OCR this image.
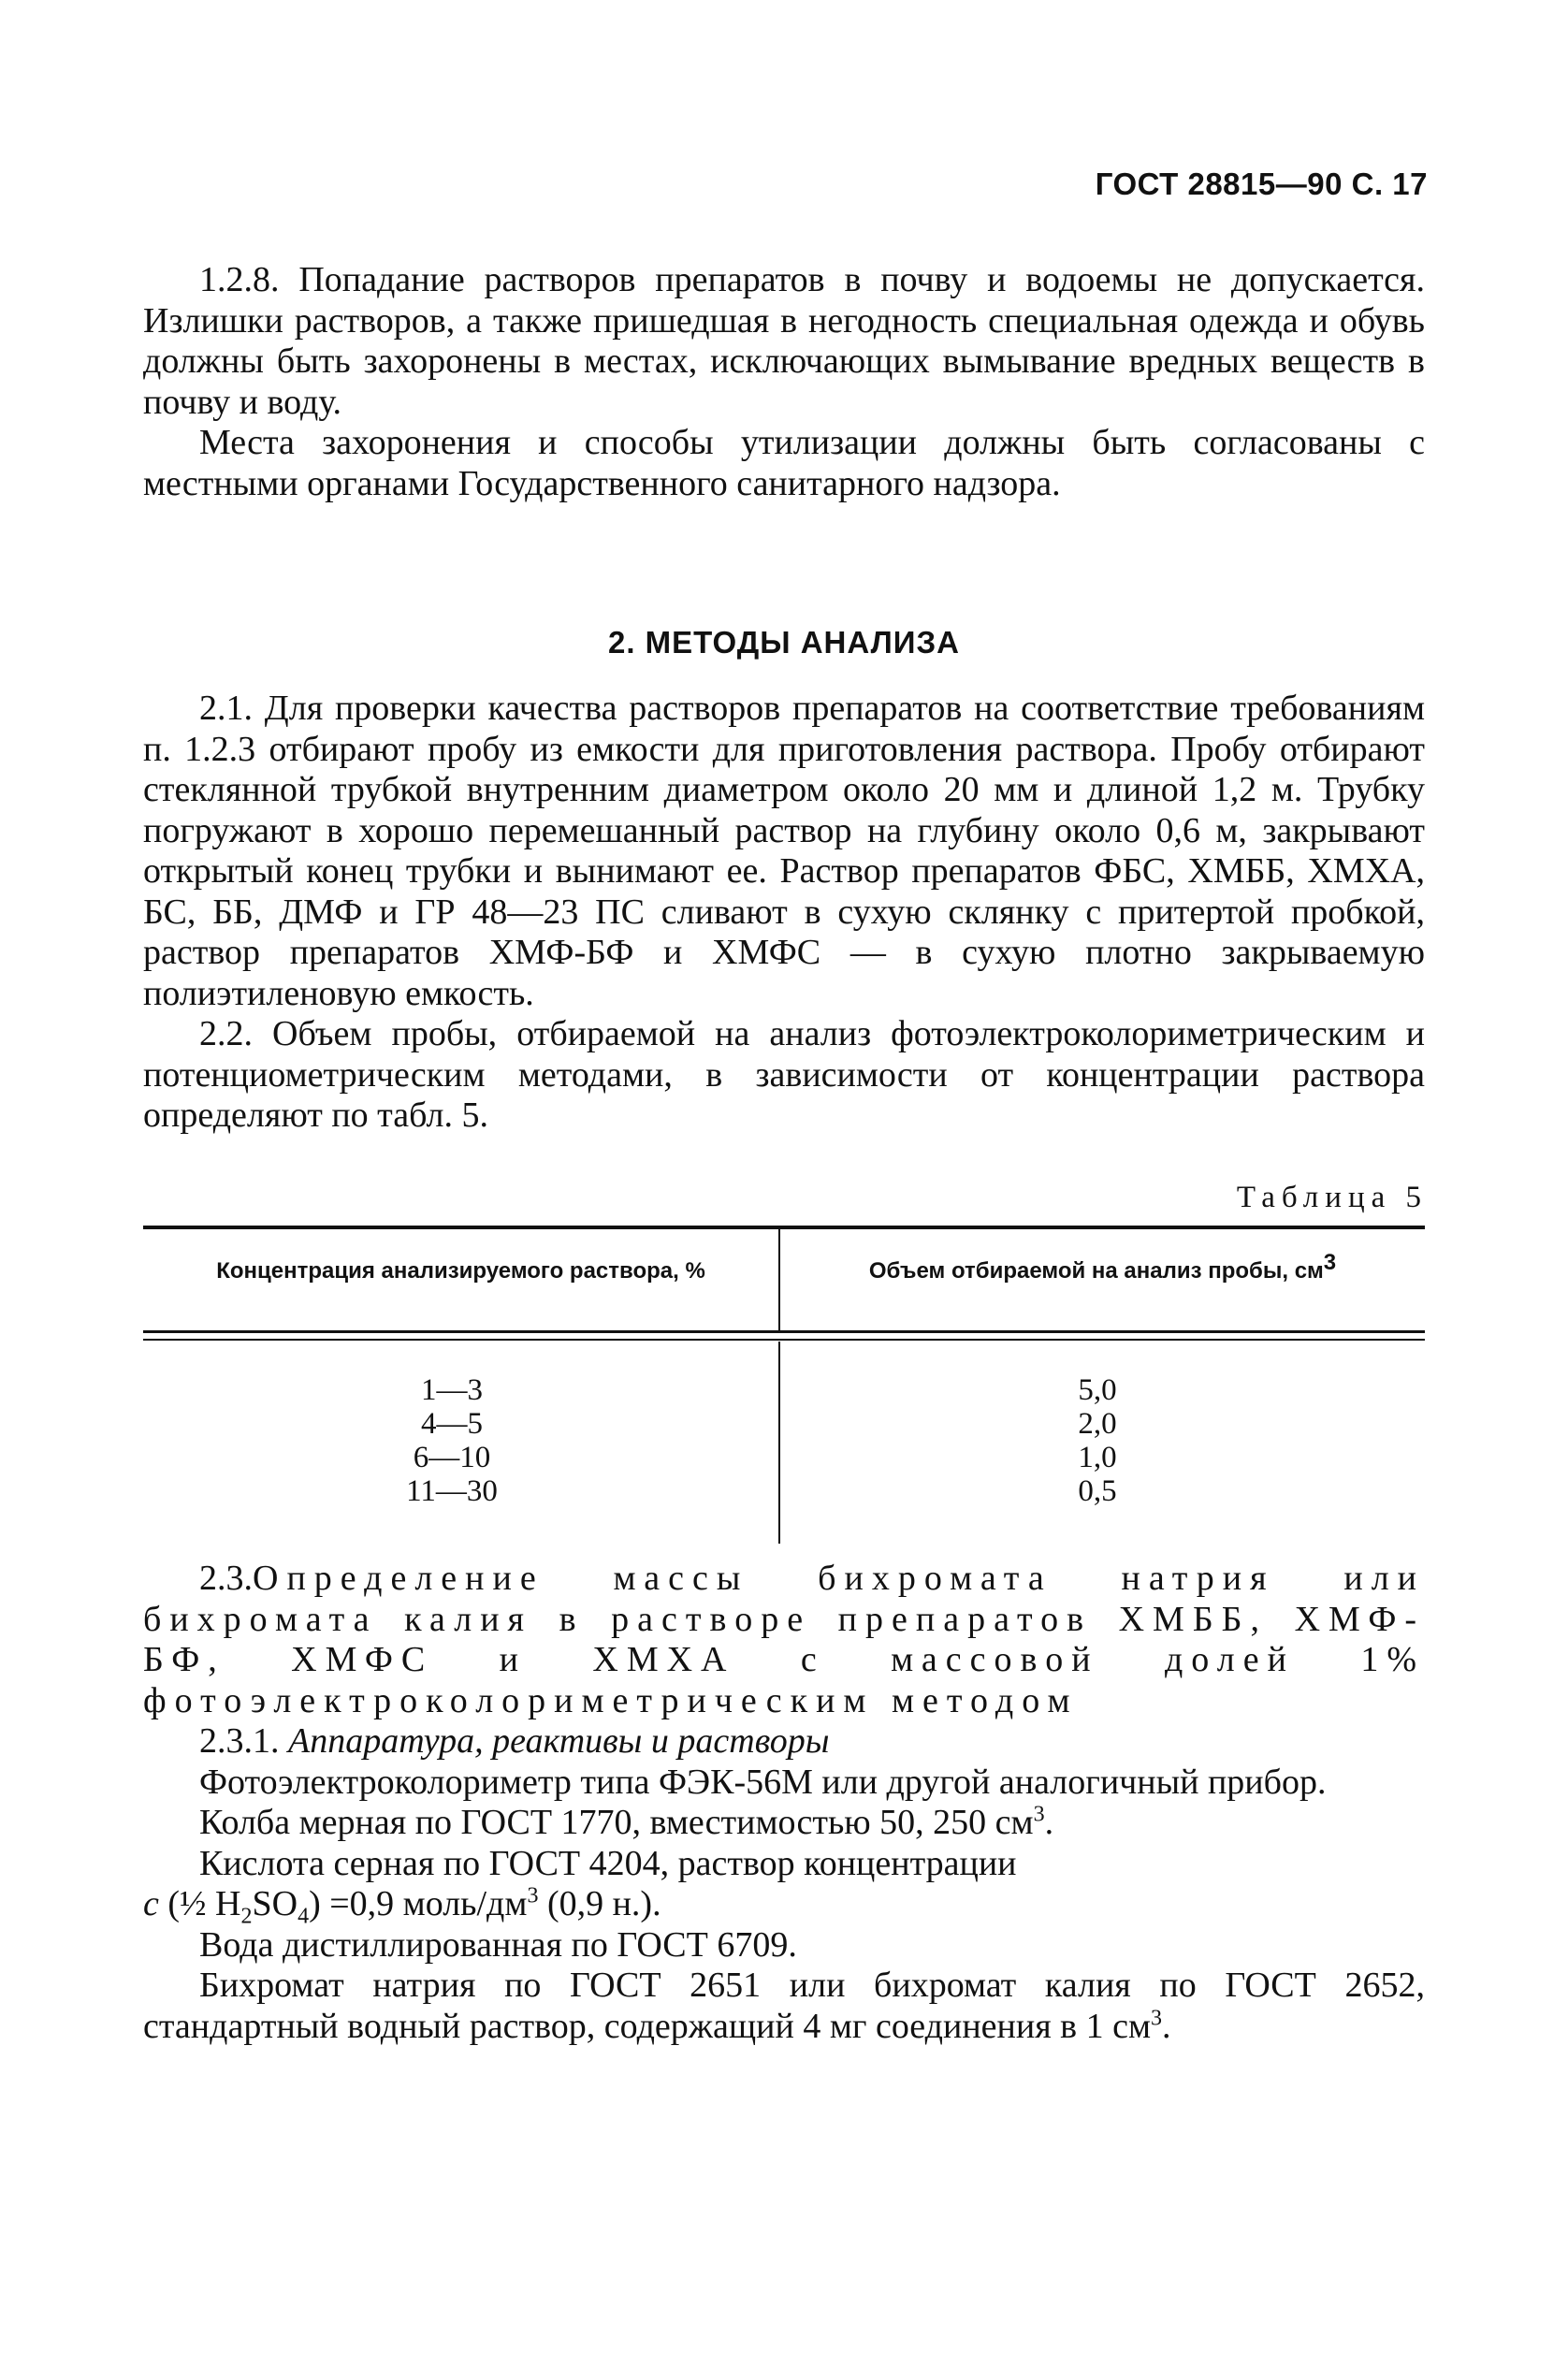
ГОСТ 28815—90 С. 17

1.2.8. Попадание растворов препаратов в почву и водоемы не допускается. Излишки растворов, а также пришедшая в негодность специальная одежда и обувь должны быть захоронены в местах, исключающих вымывание вредных веществ в почву и воду.

Места захоронения и способы утилизации должны быть согласованы с местными органами Государственного санитарного надзора.

2. МЕТОДЫ АНАЛИЗА

2.1. Для проверки качества растворов препаратов на соответствие требованиям п. 1.2.3 отбирают пробу из емкости для приготовления раствора. Пробу отбирают стеклянной трубкой внутренним диаметром около 20 мм и длиной 1,2 м. Трубку погружают в хорошо перемешанный раствор на глубину около 0,6 м, закрывают открытый конец трубки и вынимают ее. Раствор препаратов ФБС, ХМББ, ХМХА, БС, ББ, ДМФ и ГР 48—23 ПС сливают в сухую склянку с притертой пробкой, раствор препаратов ХМФ-БФ и ХМФС — в сухую плотно закрываемую полиэтиленовую емкость.

2.2. Объем пробы, отбираемой на анализ фотоэлектроколориметрическим и потенциометрическим методами, в зависимости от концентрации раствора определяют по табл. 5.

Таблица 5
Концентрация анализируемого раствора, %	Объем отбираемой на анализ пробы, $см^3$
1—3
4—5
6—10
11—30
5,0
2,0
1,0
0,5

2.3.Определение массы бихромата натрия или бихромата калия в растворе препаратов ХМББ, ХМФ-БФ, ХМФС и ХМХА с массовой долей 1% фотоэлектроколориметрическим методом

2.3.1. Аппаратура, реактивы и растворы

Фотоэлектроколориметр типа ФЭК-56М или другой аналогичный прибор.

Колба мерная по ГОСТ 1770, вместимостью 50, 250 $см^3$.

Кислота серная по ГОСТ 4204, раствор концентрации
c (½ $H_2SO_4) =0,9$ моль/$дм^3$ (0,9 н.).

Вода дистиллированная по ГОСТ 6709.

Бихромат натрия по ГОСТ 2651 или бихромат калия по ГОСТ 2652, стандартный водный раствор, содержащий 4 мг соединения в 1 $см^3$.
